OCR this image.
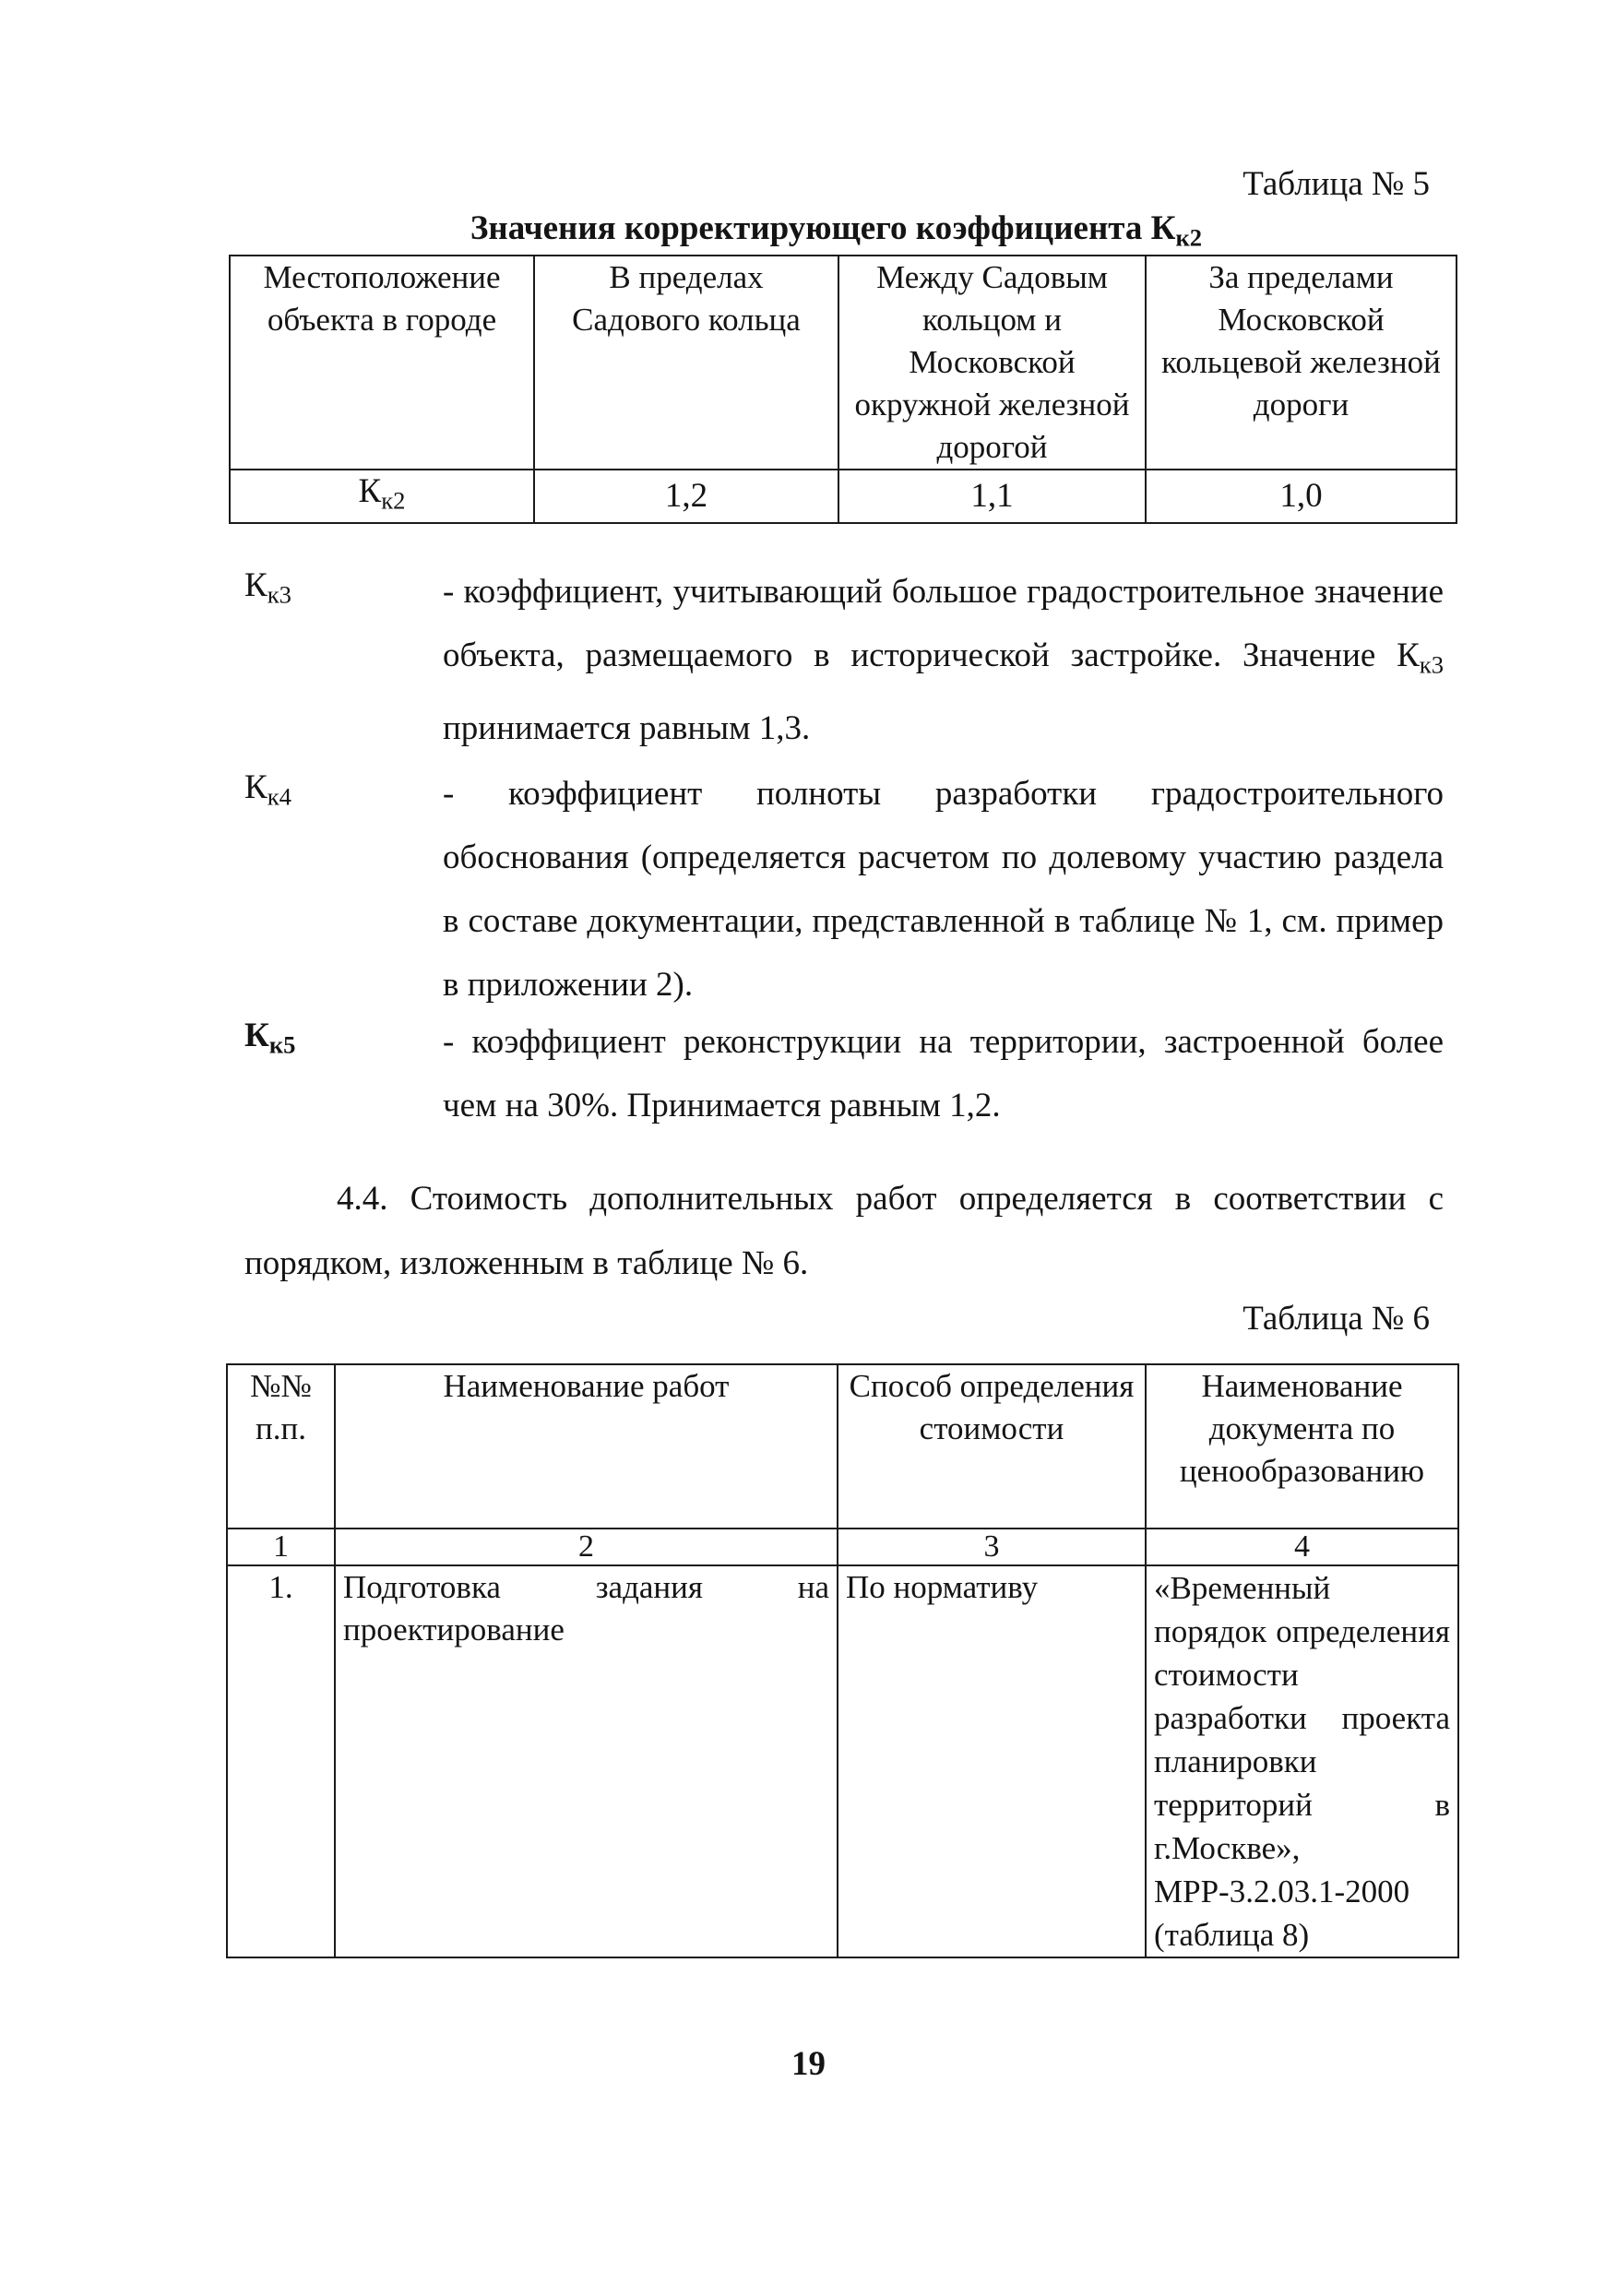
Таблица № 5
Значения корректирующего коэффициента $К_{к2}$
Местоположение объекта в городе	В пределах Садового кольца	Между Садовым кольцом и Московской окружной железной дорогой	За пределами Московской кольцевой железной дороги
$К_{к2}$	1,2	1,1	1,0
$К_{к3}$	- коэффициент, учитывающий большое градостроительное значение объекта, размещаемого в исторической застройке. Значение $К_{к3}$ принимается равным 1,3.
$К_{к4}$	- коэффициент полноты разработки градостроительного обоснования (определяется расчетом по долевому участию раздела в составе документации, представленной в таблице № 1, см. пример в приложении 2).
$К_{к5}$	- коэффициент реконструкции на территории, застроенной более чем на 30%. Принимается равным 1,2.
4.4. Стоимость дополнительных работ определяется в соответствии с порядком, изложенным в таблице № 6.
Таблица № 6
№№ п.п.	Наименование работ	Способ определения стоимости	Наименование документа по ценообразованию
1	2	3	4
1.	Подготовка задания на проектирование	По нормативу	«Временный порядок определения стоимости разработки проекта планировки территорий в г.Москве», МРР-3.2.03.1-2000 (таблица 8)
19
